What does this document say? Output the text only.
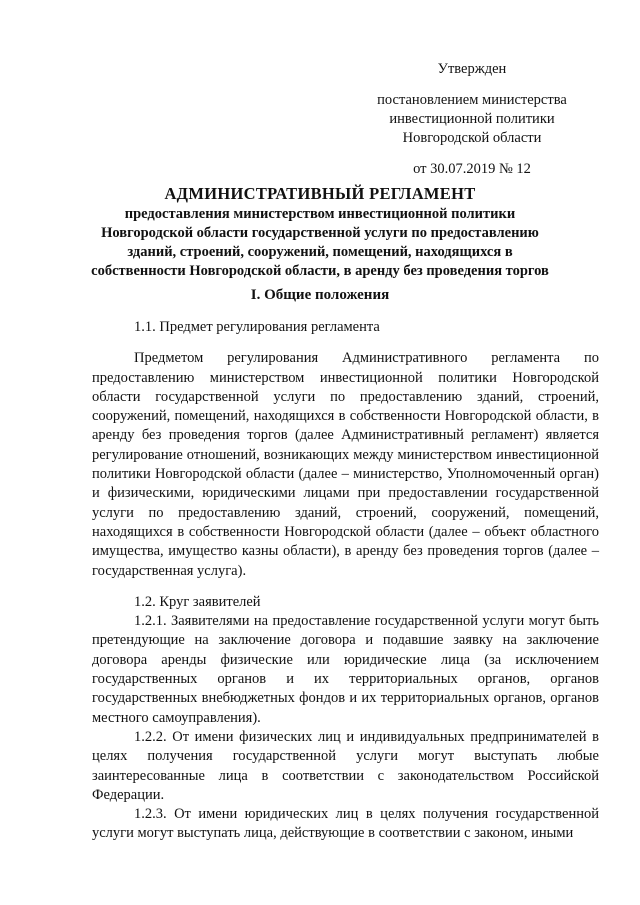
Утвержден
постановлением министерства
инвестиционной политики
Новгородской области
от 30.07.2019 № 12
АДМИНИСТРАТИВНЫЙ РЕГЛАМЕНТ
предоставления министерством инвестиционной политики Новгородской области государственной услуги по предоставлению зданий, строений, сооружений, помещений, находящихся в собственности Новгородской области, в аренду без проведения торгов
I. Общие положения

1.1. Предмет регулирования регламента

Предметом регулирования Административного регламента по предоставлению министерством инвестиционной политики Новгородской области государственной услуги по предоставлению зданий, строений, сооружений, помещений, находящихся в собственности Новгородской области, в аренду без проведения торгов (далее Административный регламент) является регулирование отношений, возникающих между министерством инвестиционной политики Новгородской области (далее – министерство, Уполномоченный орган) и физическими, юридическими лицами при предоставлении государственной услуги по предоставлению зданий, строений, сооружений, помещений, находящихся в собственности Новгородской области (далее – объект областного имущества, имущество казны области), в аренду без проведения торгов (далее – государственная услуга).

1.2. Круг заявителей

1.2.1. Заявителями на предоставление государственной услуги могут быть претендующие на заключение договора и подавшие заявку на заключение договора аренды физические или юридические лица (за исключением государственных органов и их территориальных органов, органов государственных внебюджетных фондов и их территориальных органов, органов местного самоуправления).

1.2.2. От имени физических лиц и индивидуальных предпринимателей в целях получения государственной услуги могут выступать любые заинтересованные лица в соответствии с законодательством Российской Федерации.

1.2.3. От имени юридических лиц в целях получения государственной услуги могут выступать лица, действующие в соответствии с законом, иными
